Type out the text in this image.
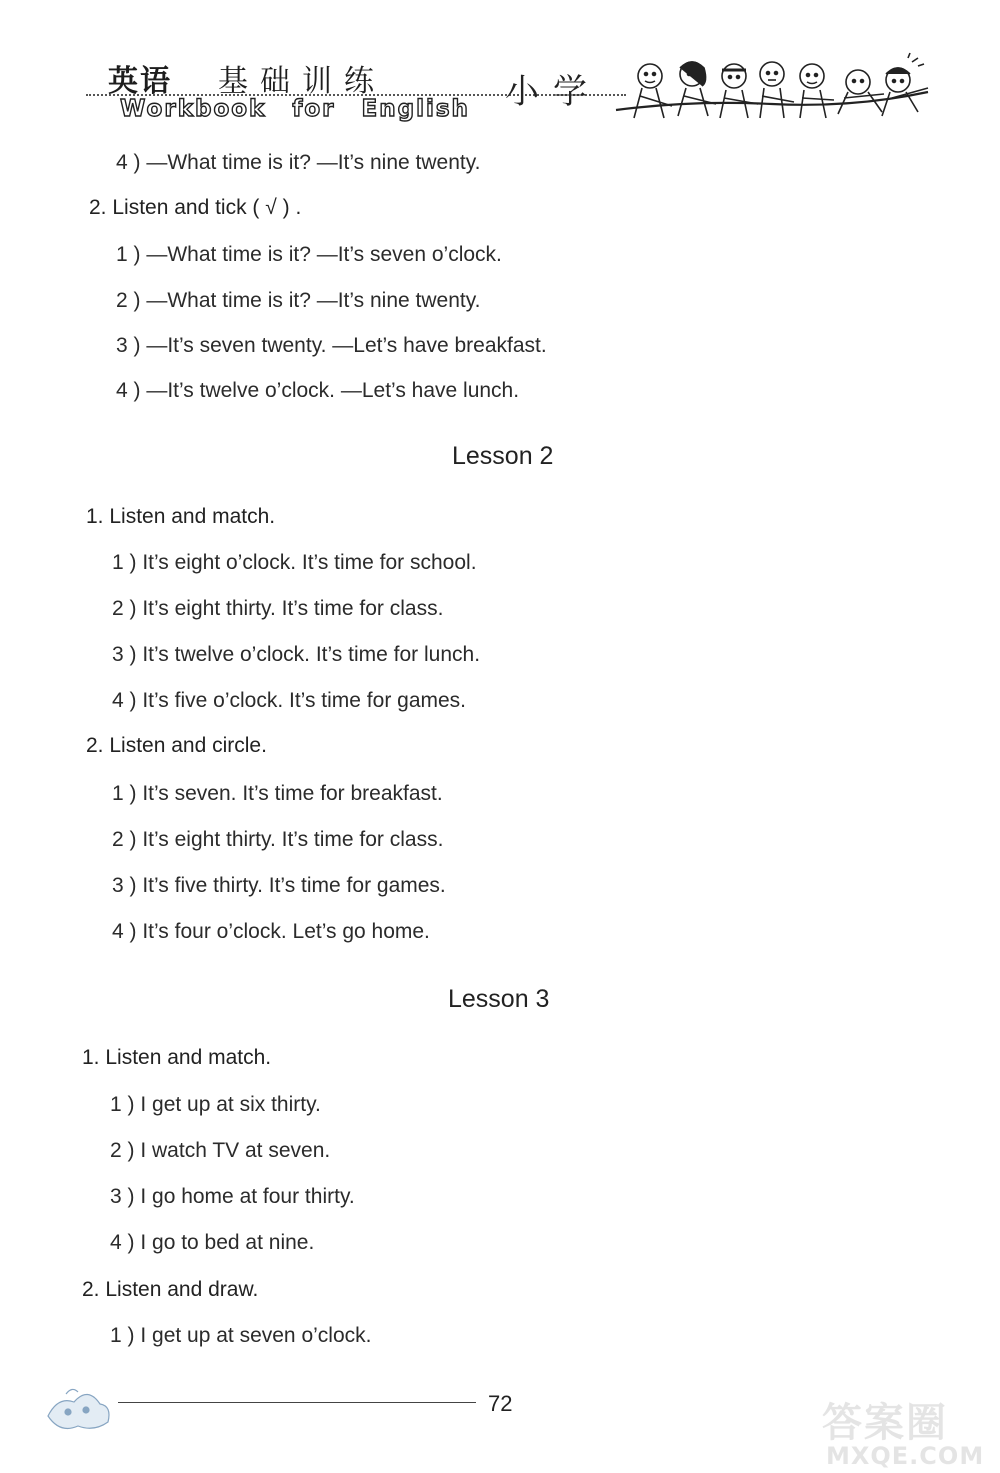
英语 基础训练
Workbook for English	小学
4 ) —What time is it? —It’s nine twenty.
2. Listen and tick ( √ ) .
1 ) —What time is it? —It’s seven o’clock.
2 ) —What time is it? —It’s nine twenty.
3 ) —It’s seven twenty. —Let’s have breakfast.
4 ) —It’s twelve o’clock. —Let’s have lunch.
Lesson 2
1. Listen and match.
1 ) It’s eight o’clock. It’s time for school.
2 ) It’s eight thirty. It’s time for class.
3 ) It’s twelve o’clock. It’s time for lunch.
4 ) It’s five o’clock. It’s time for games.
2. Listen and circle.
1 ) It’s seven. It’s time for breakfast.
2 ) It’s eight thirty. It’s time for class.
3 ) It’s five thirty. It’s time for games.
4 ) It’s four o’clock. Let’s go home.
Lesson 3
1. Listen and match.
1 ) I get up at six thirty.
2 ) I watch TV at seven.
3 ) I go home at four thirty.
4 ) I go to bed at nine.
2. Listen and draw.
1 ) I get up at seven o’clock.
72	答案圈
MXQE.COM
